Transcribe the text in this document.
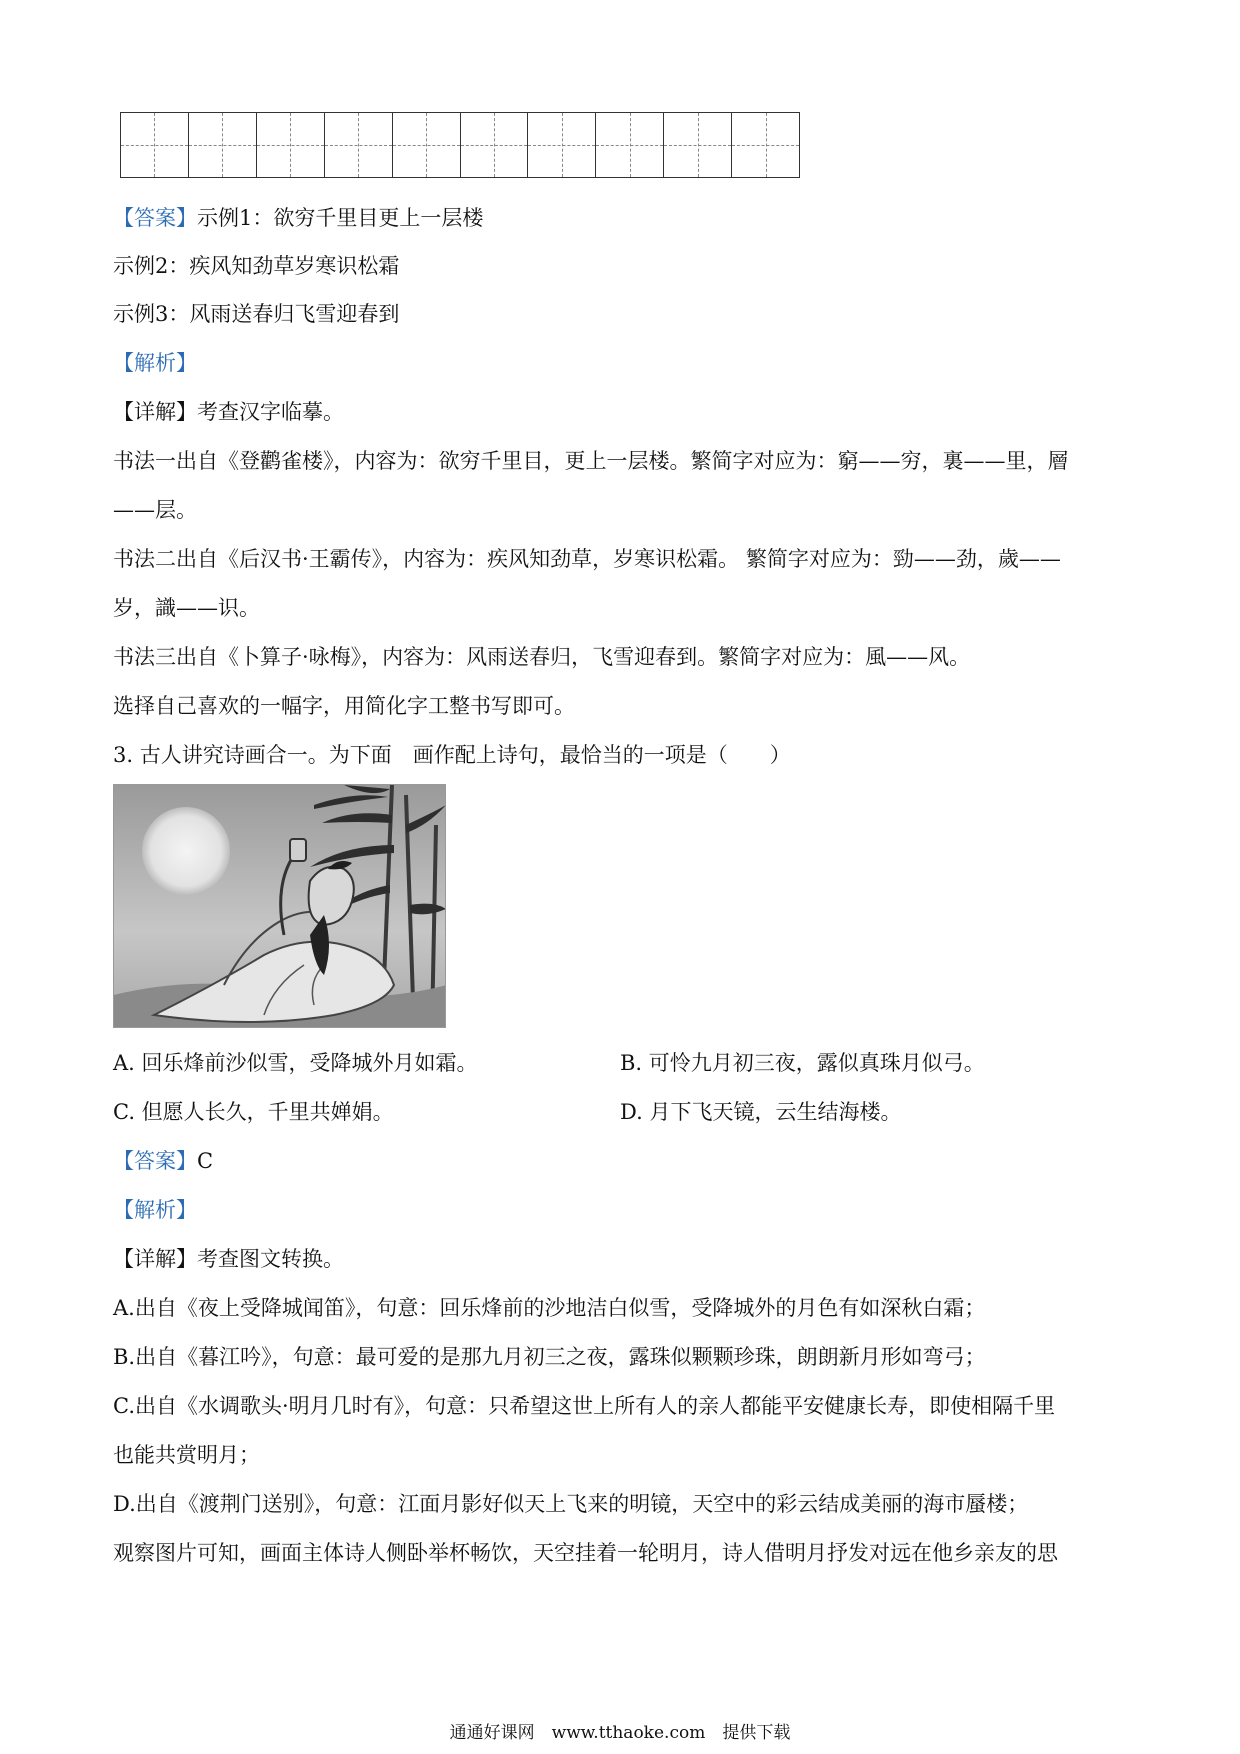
【答案】示例1：欲穷千里目更上一层楼
示例2：疾风知劲草岁寒识松霜
示例3：风雨送春归飞雪迎春到
【解析】
【详解】考查汉字临摹。
书法一出自《登鹳雀楼》，内容为：欲穷千里目，更上一层楼。繁简字对应为：窮——穷，裏——里，層
——层。
书法二出自《后汉书·王霸传》，内容为：疾风知劲草，岁寒识松霜。 繁简字对应为：勁——劲，歲——
岁，識——识。
书法三出自《卜算子·咏梅》，内容为：风雨送春归，飞雪迎春到。繁简字对应为：風——风。
选择自己喜欢的一幅字，用简化字工整书写即可。
3. 古人讲究诗画合一。为下面　画作配上诗句，最恰当的一项是（　　）
A. 回乐烽前沙似雪，受降城外月如霜。	B. 可怜九月初三夜，露似真珠月似弓。
C. 但愿人长久，千里共婵娟。	D. 月下飞天镜，云生结海楼。
【答案】C
【解析】
【详解】考查图文转换。
A.出自《夜上受降城闻笛》，句意：回乐烽前的沙地洁白似雪，受降城外的月色有如深秋白霜；
B.出自《暮江吟》，句意：最可爱的是那九月初三之夜，露珠似颗颗珍珠，朗朗新月形如弯弓；
C.出自《水调歌头·明月几时有》，句意：只希望这世上所有人的亲人都能平安健康长寿，即使相隔千里
也能共赏明月；
D.出自《渡荆门送别》，句意：江面月影好似天上飞来的明镜，天空中的彩云结成美丽的海市蜃楼；
观察图片可知，画面主体诗人侧卧举杯畅饮，天空挂着一轮明月，诗人借明月抒发对远在他乡亲友的思
通通好课网　www.tthaoke.com　提供下载
